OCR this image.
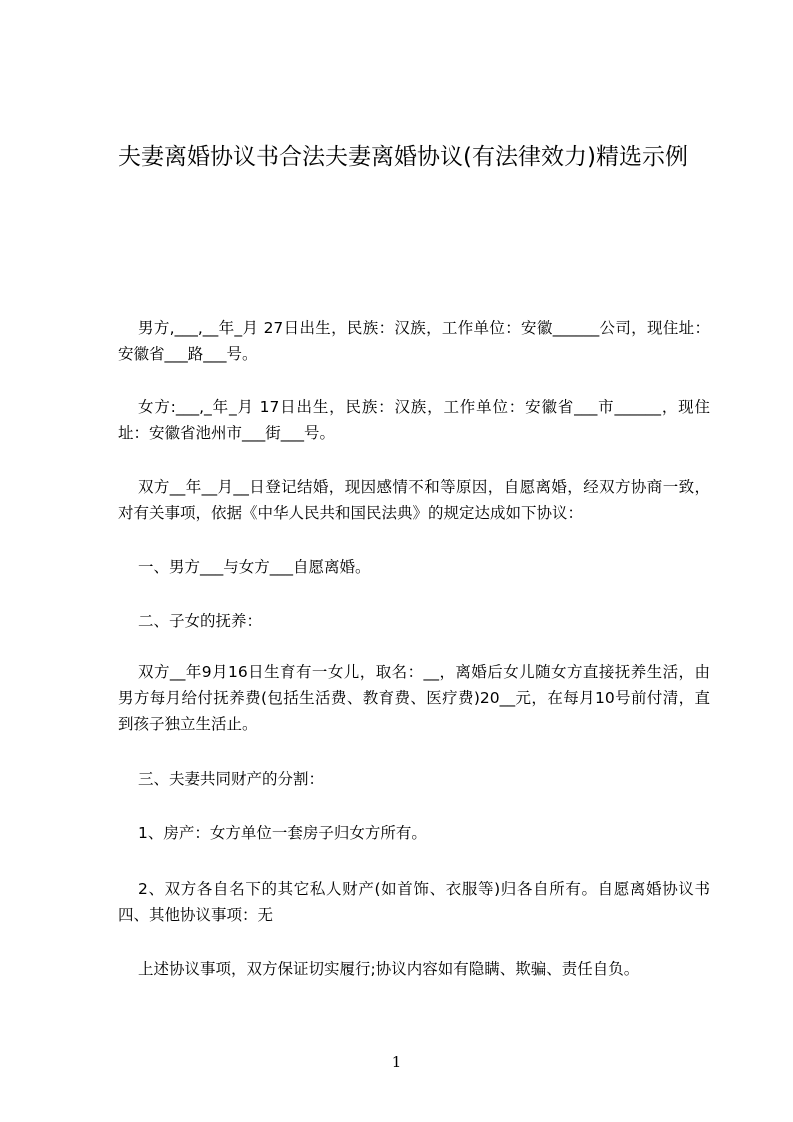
夫妻离婚协议书合法夫妻离婚协议(有法律效力)精选示例

男方,___,__年_月 27日出生，民族：汉族，工作单位：安徽______公司，现住址：安徽省___路___号。

女方:___,_年_月 17日出生，民族：汉族，工作单位：安徽省___市______，现住址：安徽省池州市___街___号。

双方__年__月__日登记结婚，现因感情不和等原因，自愿离婚，经双方协商一致，对有关事项，依据《中华人民共和国民法典》的规定达成如下协议：

一、男方___与女方___自愿离婚。

二、子女的抚养：

双方__年9月16日生育有一女儿，取名：__，离婚后女儿随女方直接抚养生活，由男方每月给付抚养费(包括生活费、教育费、医疗费)20__元，在每月10号前付清，直到孩子独立生活止。

三、夫妻共同财产的分割：

1、房产：女方单位一套房子归女方所有。

2、双方各自名下的其它私人财产(如首饰、衣服等)归各自所有。自愿离婚协议书四、其他协议事项：无

上述协议事项，双方保证切实履行;协议内容如有隐瞒、欺骗、责任自负。

1
